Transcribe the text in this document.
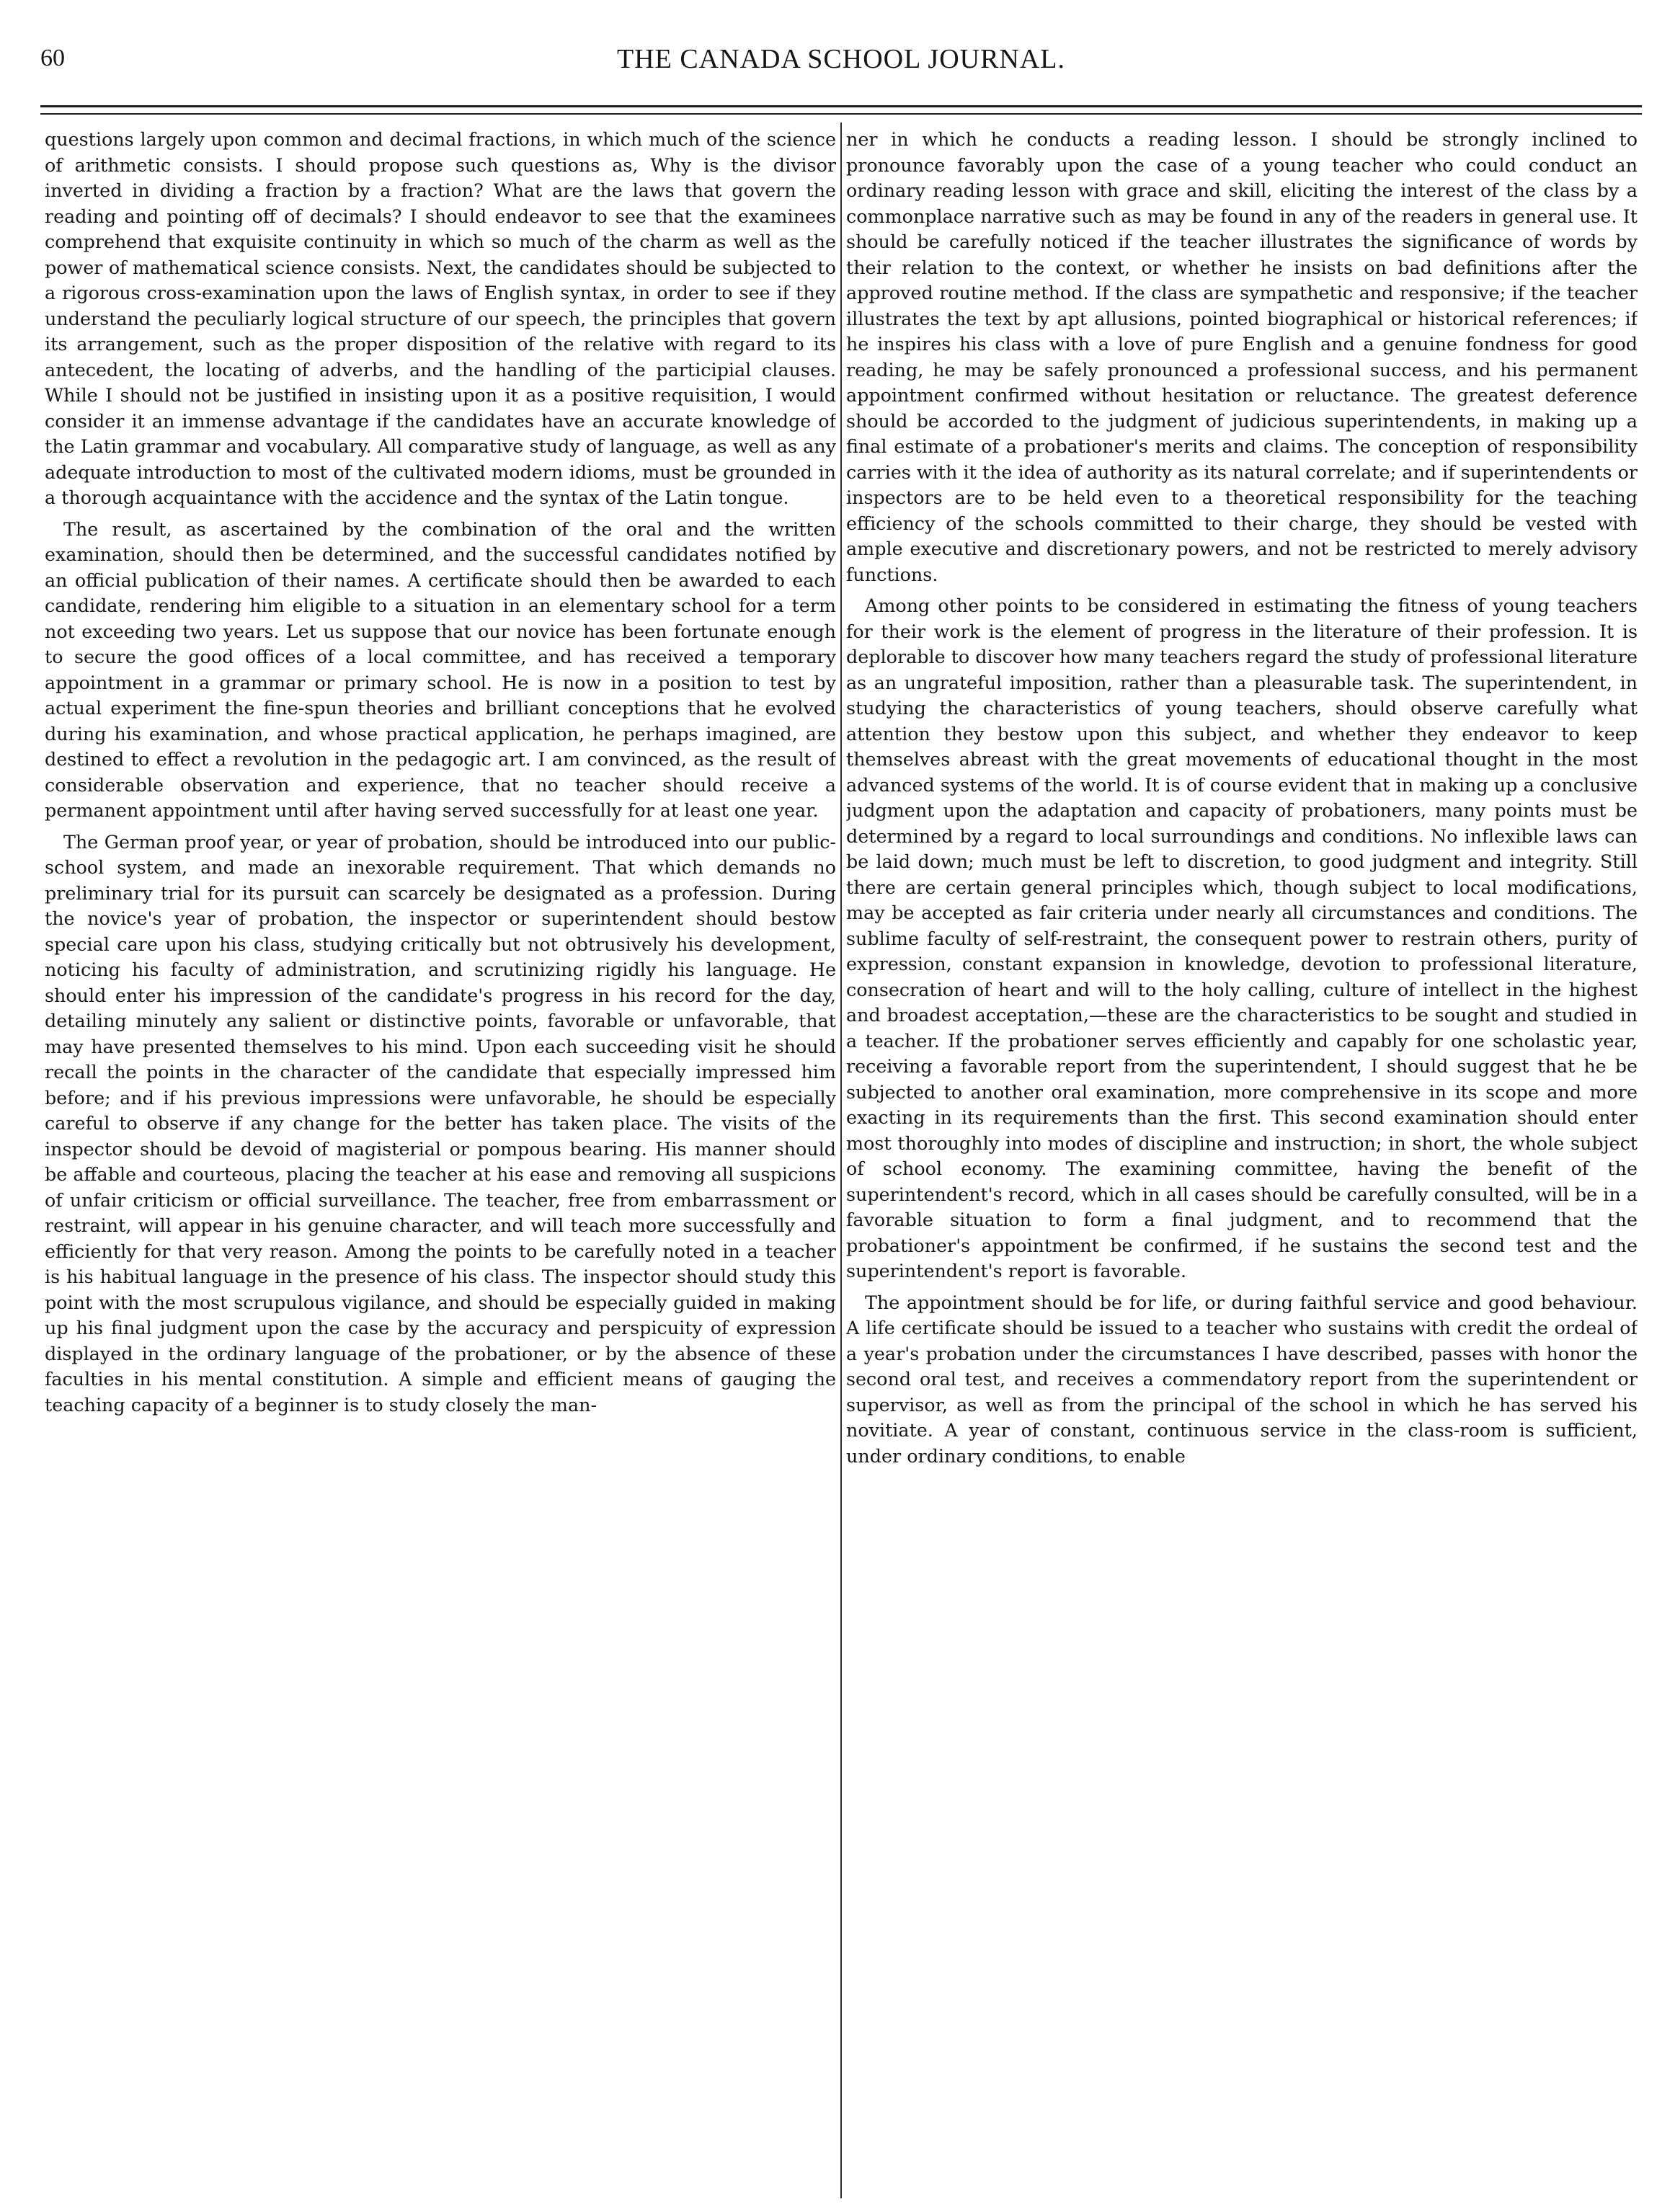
60	THE CANADA SCHOOL JOURNAL.

questions largely upon common and decimal fractions, in which much of the science of arithmetic consists. I should propose such questions as, Why is the divisor inverted in dividing a fraction by a fraction? What are the laws that govern the reading and pointing off of decimals? I should endeavor to see that the examinees comprehend that exquisite continuity in which so much of the charm as well as the power of mathematical science consists. Next, the candidates should be subjected to a rigorous cross-examination upon the laws of English syntax, in order to see if they understand the peculiarly logical structure of our speech, the principles that govern its arrangement, such as the proper disposition of the relative with regard to its antecedent, the locating of adverbs, and the handling of the participial clauses. While I should not be justified in insisting upon it as a positive requisition, I would consider it an immense advantage if the candidates have an accurate knowledge of the Latin grammar and vocabulary. All comparative study of language, as well as any adequate introduction to most of the cultivated modern idioms, must be grounded in a thorough acquaintance with the accidence and the syntax of the Latin tongue.

The result, as ascertained by the combination of the oral and the written examination, should then be determined, and the successful candidates notified by an official publication of their names. A certificate should then be awarded to each candidate, rendering him eligible to a situation in an elementary school for a term not exceeding two years. Let us suppose that our novice has been fortunate enough to secure the good offices of a local committee, and has received a temporary appointment in a grammar or primary school. He is now in a position to test by actual experiment the fine-spun theories and brilliant conceptions that he evolved during his examination, and whose practical application, he perhaps imagined, are destined to effect a revolution in the pedagogic art. I am convinced, as the result of considerable observation and experience, that no teacher should receive a permanent appointment until after having served successfully for at least one year.

The German proof year, or year of probation, should be introduced into our public-school system, and made an inexorable requirement. That which demands no preliminary trial for its pursuit can scarcely be designated as a profession. During the novice's year of probation, the inspector or superintendent should bestow special care upon his class, studying critically but not obtrusively his development, noticing his faculty of administration, and scrutinizing rigidly his language. He should enter his impression of the candidate's progress in his record for the day, detailing minutely any salient or distinctive points, favorable or unfavorable, that may have presented themselves to his mind. Upon each succeeding visit he should recall the points in the character of the candidate that especially impressed him before; and if his previous impressions were unfavorable, he should be especially careful to observe if any change for the better has taken place. The visits of the inspector should be devoid of magisterial or pompous bearing. His manner should be affable and courteous, placing the teacher at his ease and removing all suspicions of unfair criticism or official surveillance. The teacher, free from embarrassment or restraint, will appear in his genuine character, and will teach more successfully and efficiently for that very reason. Among the points to be carefully noted in a teacher is his habitual language in the presence of his class. The inspector should study this point with the most scrupulous vigilance, and should be especially guided in making up his final judgment upon the case by the accuracy and perspicuity of expression displayed in the ordinary language of the probationer, or by the absence of these faculties in his mental constitution. A simple and efficient means of gauging the teaching capacity of a beginner is to study closely the man-

ner in which he conducts a reading lesson. I should be strongly inclined to pronounce favorably upon the case of a young teacher who could conduct an ordinary reading lesson with grace and skill, eliciting the interest of the class by a commonplace narrative such as may be found in any of the readers in general use. It should be carefully noticed if the teacher illustrates the significance of words by their relation to the context, or whether he insists on bad definitions after the approved routine method. If the class are sympathetic and responsive; if the teacher illustrates the text by apt allusions, pointed biographical or historical references; if he inspires his class with a love of pure English and a genuine fondness for good reading, he may be safely pronounced a professional success, and his permanent appointment confirmed without hesitation or reluctance. The greatest deference should be accorded to the judgment of judicious superintendents, in making up a final estimate of a probationer's merits and claims. The conception of responsibility carries with it the idea of authority as its natural correlate; and if superintendents or inspectors are to be held even to a theoretical responsibility for the teaching efficiency of the schools committed to their charge, they should be vested with ample executive and discretionary powers, and not be restricted to merely advisory functions.

Among other points to be considered in estimating the fitness of young teachers for their work is the element of progress in the literature of their profession. It is deplorable to discover how many teachers regard the study of professional literature as an ungrateful imposition, rather than a pleasurable task. The superintendent, in studying the characteristics of young teachers, should observe carefully what attention they bestow upon this subject, and whether they endeavor to keep themselves abreast with the great movements of educational thought in the most advanced systems of the world. It is of course evident that in making up a conclusive judgment upon the adaptation and capacity of probationers, many points must be determined by a regard to local surroundings and conditions. No inflexible laws can be laid down; much must be left to discretion, to good judgment and integrity. Still there are certain general principles which, though subject to local modifications, may be accepted as fair criteria under nearly all circumstances and conditions. The sublime faculty of self-restraint, the consequent power to restrain others, purity of expression, constant expansion in knowledge, devotion to professional literature, consecration of heart and will to the holy calling, culture of intellect in the highest and broadest acceptation,—these are the characteristics to be sought and studied in a teacher. If the probationer serves efficiently and capably for one scholastic year, receiving a favorable report from the superintendent, I should suggest that he be subjected to another oral examination, more comprehensive in its scope and more exacting in its requirements than the first. This second examination should enter most thoroughly into modes of discipline and instruction; in short, the whole subject of school economy. The examining committee, having the benefit of the superintendent's record, which in all cases should be carefully consulted, will be in a favorable situation to form a final judgment, and to recommend that the probationer's appointment be confirmed, if he sustains the second test and the superintendent's report is favorable.

The appointment should be for life, or during faithful service and good behaviour. A life certificate should be issued to a teacher who sustains with credit the ordeal of a year's probation under the circumstances I have described, passes with honor the second oral test, and receives a commendatory report from the superintendent or supervisor, as well as from the principal of the school in which he has served his novitiate. A year of constant, continuous service in the class-room is sufficient, under ordinary conditions, to enable
